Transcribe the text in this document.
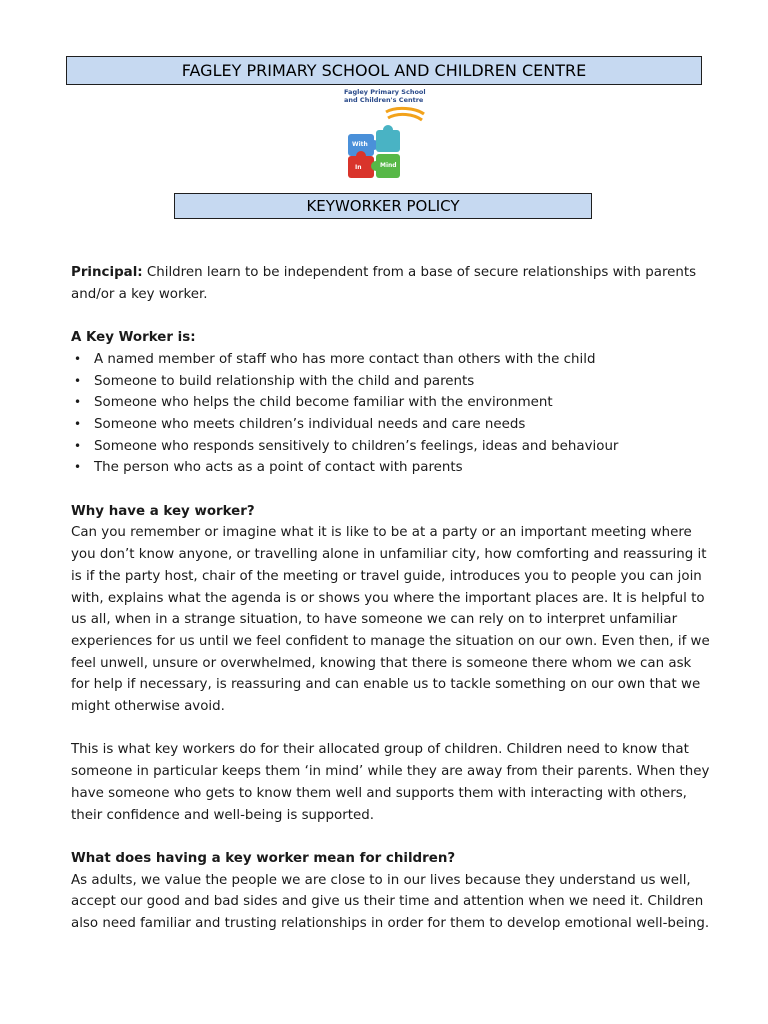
FAGLEY PRIMARY SCHOOL AND CHILDREN CENTRE
Fagley Primary School
and Children's Centre
With
In	Mind
KEYWORKER POLICY

Principal: Children learn to be independent from a base of secure relationships with parents and/or a key worker.

A Key Worker is:

• A named member of staff who has more contact than others with the child
• Someone to build relationship with the child and parents
• Someone who helps the child become familiar with the environment
• Someone who meets children’s individual needs and care needs
• Someone who responds sensitively to children’s feelings, ideas and behaviour
• The person who acts as a point of contact with parents

Why have a key worker?

Can you remember or imagine what it is like to be at a party or an important meeting where you don’t know anyone, or travelling alone in unfamiliar city, how comforting and reassuring it is if the party host, chair of the meeting or travel guide, introduces you to people you can join with, explains what the agenda is or shows you where the important places are. It is helpful to us all, when in a strange situation, to have someone we can rely on to interpret unfamiliar experiences for us until we feel confident to manage the situation on our own. Even then, if we feel unwell, unsure or overwhelmed, knowing that there is someone there whom we can ask for help if necessary, is reassuring and can enable us to tackle something on our own that we might otherwise avoid.

This is what key workers do for their allocated group of children. Children need to know that someone in particular keeps them ‘in mind’ while they are away from their parents. When they have someone who gets to know them well and supports them with interacting with others, their confidence and well-being is supported.

What does having a key worker mean for children?

As adults, we value the people we are close to in our lives because they understand us well, accept our good and bad sides and give us their time and attention when we need it. Children also need familiar and trusting relationships in order for them to develop emotional well-being.
